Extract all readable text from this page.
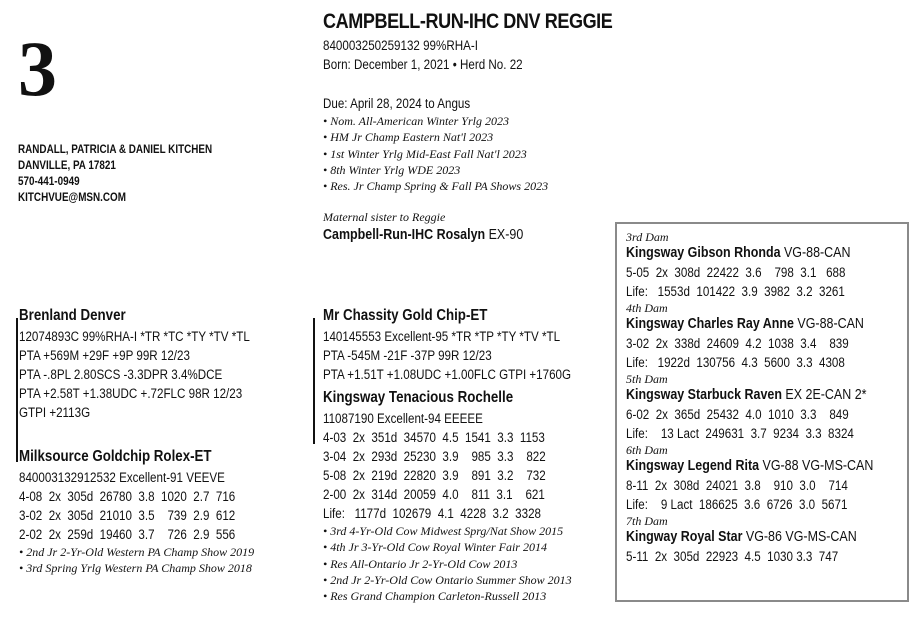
3
RANDALL, PATRICIA & DANIEL KITCHEN
DANVILLE, PA 17821
570-441-0949
KITCHVUE@MSN.COM
CAMPBELL-RUN-IHC DNV REGGIE
840003250259132 99%RHA-I
Born: December 1, 2021 • Herd No. 22
Due: April 28, 2024 to Angus
• Nom. All-American Winter Yrlg 2023
• HM Jr Champ Eastern Nat'l 2023
• 1st Winter Yrlg Mid-East Fall Nat'l 2023
• 8th Winter Yrlg WDE 2023
• Res. Jr Champ Spring & Fall PA Shows 2023
Maternal sister to Reggie
Campbell-Run-IHC Rosalyn EX-90
Brenland Denver
12074893C 99%RHA-I *TR *TC *TY *TV *TL
PTA +569M +29F +9P 99R 12/23
PTA -.8PL 2.80SCS -3.3DPR 3.4%DCE
PTA +2.58T +1.38UDC +.72FLC 98R 12/23
GTPI +2113G
Milksource Goldchip Rolex-ET
840003132912532 Excellent-91 VEEVE
4-08  2x  305d  26780  3.8  1020  2.7  716
3-02  2x  305d  21010  3.5    739  2.9  612
2-02  2x  259d  19460  3.7    726  2.9  556
• 2nd Jr 2-Yr-Old Western PA Champ Show 2019
• 3rd Spring Yrlg Western PA Champ Show 2018
Mr Chassity Gold Chip-ET
140145553 Excellent-95 *TR *TP *TY *TV *TL
PTA -545M -21F -37P 99R 12/23
PTA +1.51T +1.08UDC +1.00FLC GTPI +1760G
Kingsway Tenacious Rochelle
11087190 Excellent-94 EEEEE
4-03  2x  351d  34570  4.5  1541  3.3  1153
3-04  2x  293d  25230  3.9    985  3.3    822
5-08  2x  219d  22820  3.9    891  3.2    732
2-00  2x  314d  20059  4.0    811  3.1    621
Life:   1177d  102679  4.1  4228  3.2  3328
• 3rd 4-Yr-Old Cow Midwest Sprg/Nat Show 2015
• 4th Jr 3-Yr-Old Cow Royal Winter Fair 2014
• Res All-Ontario Jr 2-Yr-Old Cow 2013
• 2nd Jr 2-Yr-Old Cow Ontario Summer Show 2013
• Res Grand Champion Carleton-Russell 2013
3rd Dam
Kingsway Gibson Rhonda VG-88-CAN
5-05  2x  308d  22422  3.6    798  3.1   688
Life:   1553d  101422  3.9  3982  3.2  3261
4th Dam
Kingsway Charles Ray Anne VG-88-CAN
3-02  2x  338d  24609  4.2  1038  3.4    839
Life:   1922d  130756  4.3  5600  3.3  4308
5th Dam
Kingsway Starbuck Raven EX 2E-CAN 2*
6-02  2x  365d  25432  4.0  1010  3.3    849
Life:    13 Lact  249631  3.7  9234  3.3  8324
6th Dam
Kingsway Legend Rita VG-88 VG-MS-CAN
8-11  2x  308d  24021  3.8    910  3.0    714
Life:    9 Lact  186625  3.6  6726  3.0  5671
7th Dam
Kingway Royal Star VG-86 VG-MS-CAN
5-11  2x  305d  22923  4.5  1030 3.3  747
